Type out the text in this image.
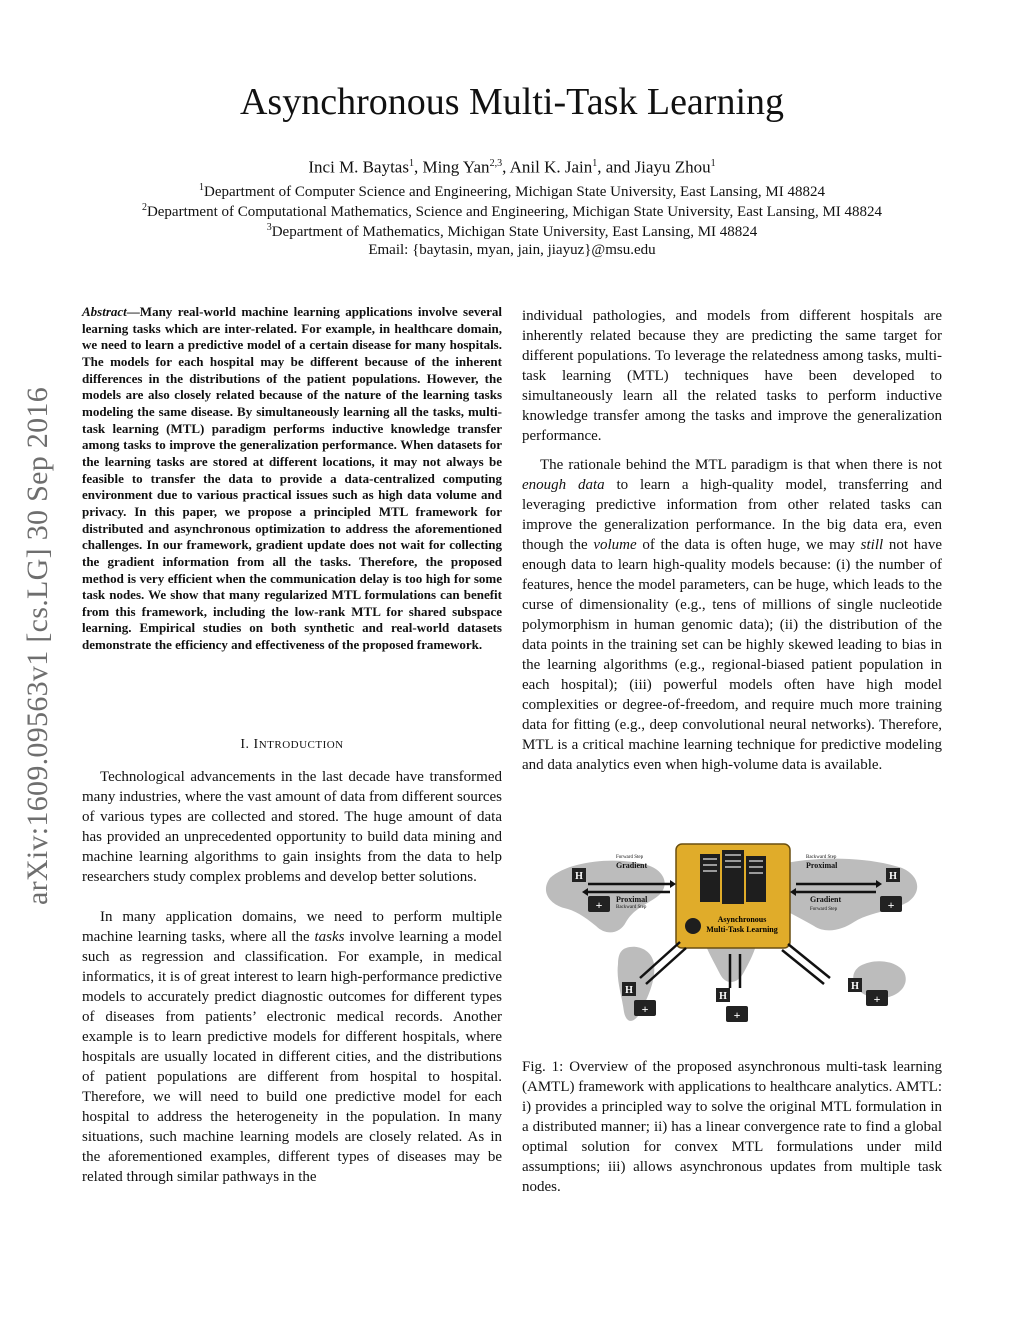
arXiv:1609.09563v1 [cs.LG] 30 Sep 2016
Asynchronous Multi-Task Learning
Inci M. Baytas$^1$, Ming Yan$^{2,3}$, Anil K. Jain$^1$, and Jiayu Zhou$^1$
$^1$Department of Computer Science and Engineering, Michigan State University, East Lansing, MI 48824
$^2$Department of Computational Mathematics, Science and Engineering, Michigan State University, East Lansing, MI 48824
$^3$Department of Mathematics, Michigan State University, East Lansing, MI 48824
Email: {baytasin, myan, jain, jiayuz}@msu.edu
Abstract—Many real-world machine learning applications involve several learning tasks which are inter-related. For example, in healthcare domain, we need to learn a predictive model of a certain disease for many hospitals. The models for each hospital may be different because of the inherent differences in the distributions of the patient populations. However, the models are also closely related because of the nature of the learning tasks modeling the same disease. By simultaneously learning all the tasks, multi-task learning (MTL) paradigm performs inductive knowledge transfer among tasks to improve the generalization performance. When datasets for the learning tasks are stored at different locations, it may not always be feasible to transfer the data to provide a data-centralized computing environment due to various practical issues such as high data volume and privacy. In this paper, we propose a principled MTL framework for distributed and asynchronous optimization to address the aforementioned challenges. In our framework, gradient update does not wait for collecting the gradient information from all the tasks. Therefore, the proposed method is very efficient when the communication delay is too high for some task nodes. We show that many regularized MTL formulations can benefit from this framework, including the low-rank MTL for shared subspace learning. Empirical studies on both synthetic and real-world datasets demonstrate the efficiency and effectiveness of the proposed framework.
I. INTRODUCTION

Technological advancements in the last decade have transformed many industries, where the vast amount of data from different sources of various types are collected and stored. The huge amount of data has provided an unprecedented opportunity to build data mining and machine learning algorithms to gain insights from the data to help researchers study complex problems and develop better solutions.

In many application domains, we need to perform multiple machine learning tasks, where all the tasks involve learning a model such as regression and classification. For example, in medical informatics, it is of great interest to learn high-performance predictive models to accurately predict diagnostic outcomes for different types of diseases from patients’ electronic medical records. Another example is to learn predictive models for different hospitals, where hospitals are usually located in different cities, and the distributions of patient populations are different from hospital to hospital. Therefore, we will need to build one predictive model for each hospital to address the heterogeneity in the population. In many situations, such machine learning models are closely related. As in the aforementioned examples, different types of diseases may be related through similar pathways in the

individual pathologies, and models from different hospitals are inherently related because they are predicting the same target for different populations. To leverage the relatedness among tasks, multi-task learning (MTL) techniques have been developed to simultaneously learn all the related tasks to perform inductive knowledge transfer among the tasks and improve the generalization performance.

The rationale behind the MTL paradigm is that when there is not enough data to learn a high-quality model, transferring and leveraging predictive information from other related tasks can improve the generalization performance. In the big data era, even though the volume of the data is often huge, we may still not have enough data to learn high-quality models because: (i) the number of features, hence the model parameters, can be huge, which leads to the curse of dimensionality (e.g., tens of millions of single nucleotide polymorphism in human genomic data); (ii) the distribution of the data points in the training set can be highly skewed leading to bias in the learning algorithms (e.g., regional-biased patient population in each hospital); (iii) powerful models often have high model complexities or degree-of-freedom, and require much more training data for fitting (e.g., deep convolutional neural networks). Therefore, MTL is a critical machine learning technique for predictive modeling and data analytics even when high-volume data is available.

Asynchronous
Multi-Task Learning
Forward Step
Backward Step
Backward Step
Forward Step
Gradient
Proximal
Proximal
Gradient
H
+
H
+
H
+
H
+
H
+
Fig. 1: Overview of the proposed asynchronous multi-task learning (AMTL) framework with applications to healthcare analytics. AMTL: i) provides a principled way to solve the original MTL formulation in a distributed manner; ii) has a linear convergence rate to find a global optimal solution for convex MTL formulations under mild assumptions; iii) allows asynchronous updates from multiple task nodes.
